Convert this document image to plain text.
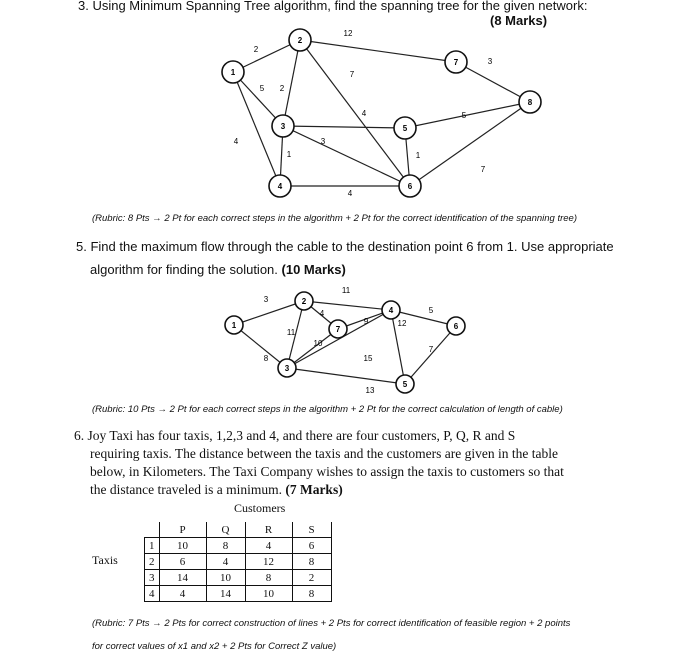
3. Using Minimum Spanning Tree algorithm, find the spanning tree for the given network:
(8 Marks)
2
12
3
5 2
7
4	5
4
1
3
1
4
7
1
2
3
4
5
6
7
8
(Rubric: 8 Pts → 2 Pt for each correct steps in the algorithm + 2 Pt for the correct identification of the spanning tree)
5. Find the maximum flow through the cable to the destination point 6 from 1. Use appropriate
algorithm for finding the solution. (10 Marks)
3
8
11
4
11
9
10
5
12
15
13
7
1
2
3
4
5
6
7
(Rubric: 10 Pts → 2 Pt for each correct steps in the algorithm + 2 Pt for the correct calculation of length of cable)
6. Joy Taxi has four taxis, 1,2,3 and 4, and there are four customers, P, Q, R and S
requiring taxis. The distance between the taxis and the customers are given in the table
below, in Kilometers. The Taxi Company wishes to assign the taxis to customers so that
the distance traveled is a minimum. (7 Marks)
Customers
Taxis
	P	Q	R	S
1	10	8	4	6
2	6	4	12	8
3	14	10	8	2
4	4	14	10	8
(Rubric: 7 Pts → 2 Pts for correct construction of lines + 2 Pts for correct identification of feasible region + 2 points
for correct values of x1 and x2 + 2 Pts for Correct Z value)
